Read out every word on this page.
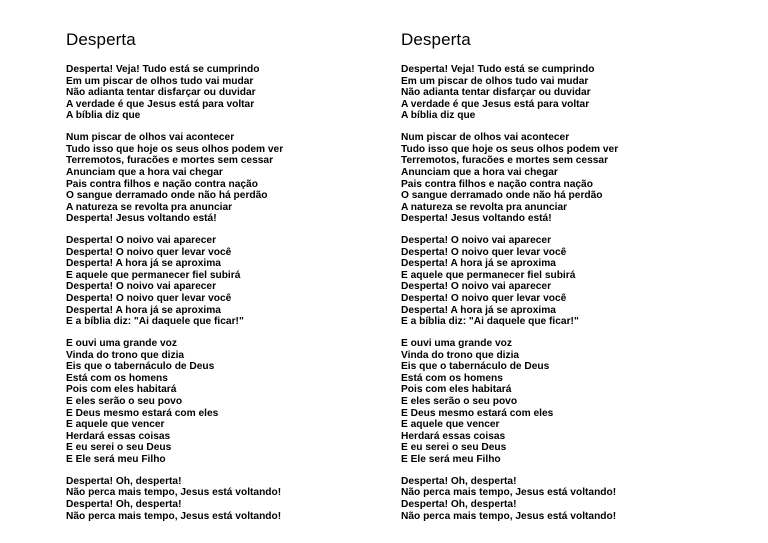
Desperta
Desperta! Veja! Tudo está se cumprindo
Em um piscar de olhos tudo vai mudar
Não adianta tentar disfarçar ou duvidar
A verdade é que Jesus está para voltar
A bíblia diz que
Num piscar de olhos vai acontecer
Tudo isso que hoje os seus olhos podem ver
Terremotos, furacões e mortes sem cessar
Anunciam que a hora vai chegar
Pais contra filhos e nação contra nação
O sangue derramado onde não há perdão
A natureza se revolta pra anunciar
Desperta! Jesus voltando está!
Desperta! O noivo vai aparecer
Desperta! O noivo quer levar você
Desperta! A hora já se aproxima
E aquele que permanecer fiel subirá
Desperta! O noivo vai aparecer
Desperta! O noivo quer levar você
Desperta! A hora já se aproxima
E a bíblia diz: "Ai daquele que ficar!"
E ouvi uma grande voz
Vinda do trono que dizia
Eis que o tabernáculo de Deus
Está com os homens
Pois com eles habitará
E eles serão o seu povo
E Deus mesmo estará com eles
E aquele que vencer
Herdará essas coisas
E eu serei o seu Deus
E Ele será meu Filho
Desperta! Oh, desperta!
Não perca mais tempo, Jesus está voltando!
Desperta! Oh, desperta!
Não perca mais tempo, Jesus está voltando!
Desperta
Desperta! Veja! Tudo está se cumprindo
Em um piscar de olhos tudo vai mudar
Não adianta tentar disfarçar ou duvidar
A verdade é que Jesus está para voltar
A bíblia diz que
Num piscar de olhos vai acontecer
Tudo isso que hoje os seus olhos podem ver
Terremotos, furacões e mortes sem cessar
Anunciam que a hora vai chegar
Pais contra filhos e nação contra nação
O sangue derramado onde não há perdão
A natureza se revolta pra anunciar
Desperta! Jesus voltando está!
Desperta! O noivo vai aparecer
Desperta! O noivo quer levar você
Desperta! A hora já se aproxima
E aquele que permanecer fiel subirá
Desperta! O noivo vai aparecer
Desperta! O noivo quer levar você
Desperta! A hora já se aproxima
E a bíblia diz: "Ai daquele que ficar!"
E ouvi uma grande voz
Vinda do trono que dizia
Eis que o tabernáculo de Deus
Está com os homens
Pois com eles habitará
E eles serão o seu povo
E Deus mesmo estará com eles
E aquele que vencer
Herdará essas coisas
E eu serei o seu Deus
E Ele será meu Filho
Desperta! Oh, desperta!
Não perca mais tempo, Jesus está voltando!
Desperta! Oh, desperta!
Não perca mais tempo, Jesus está voltando!
